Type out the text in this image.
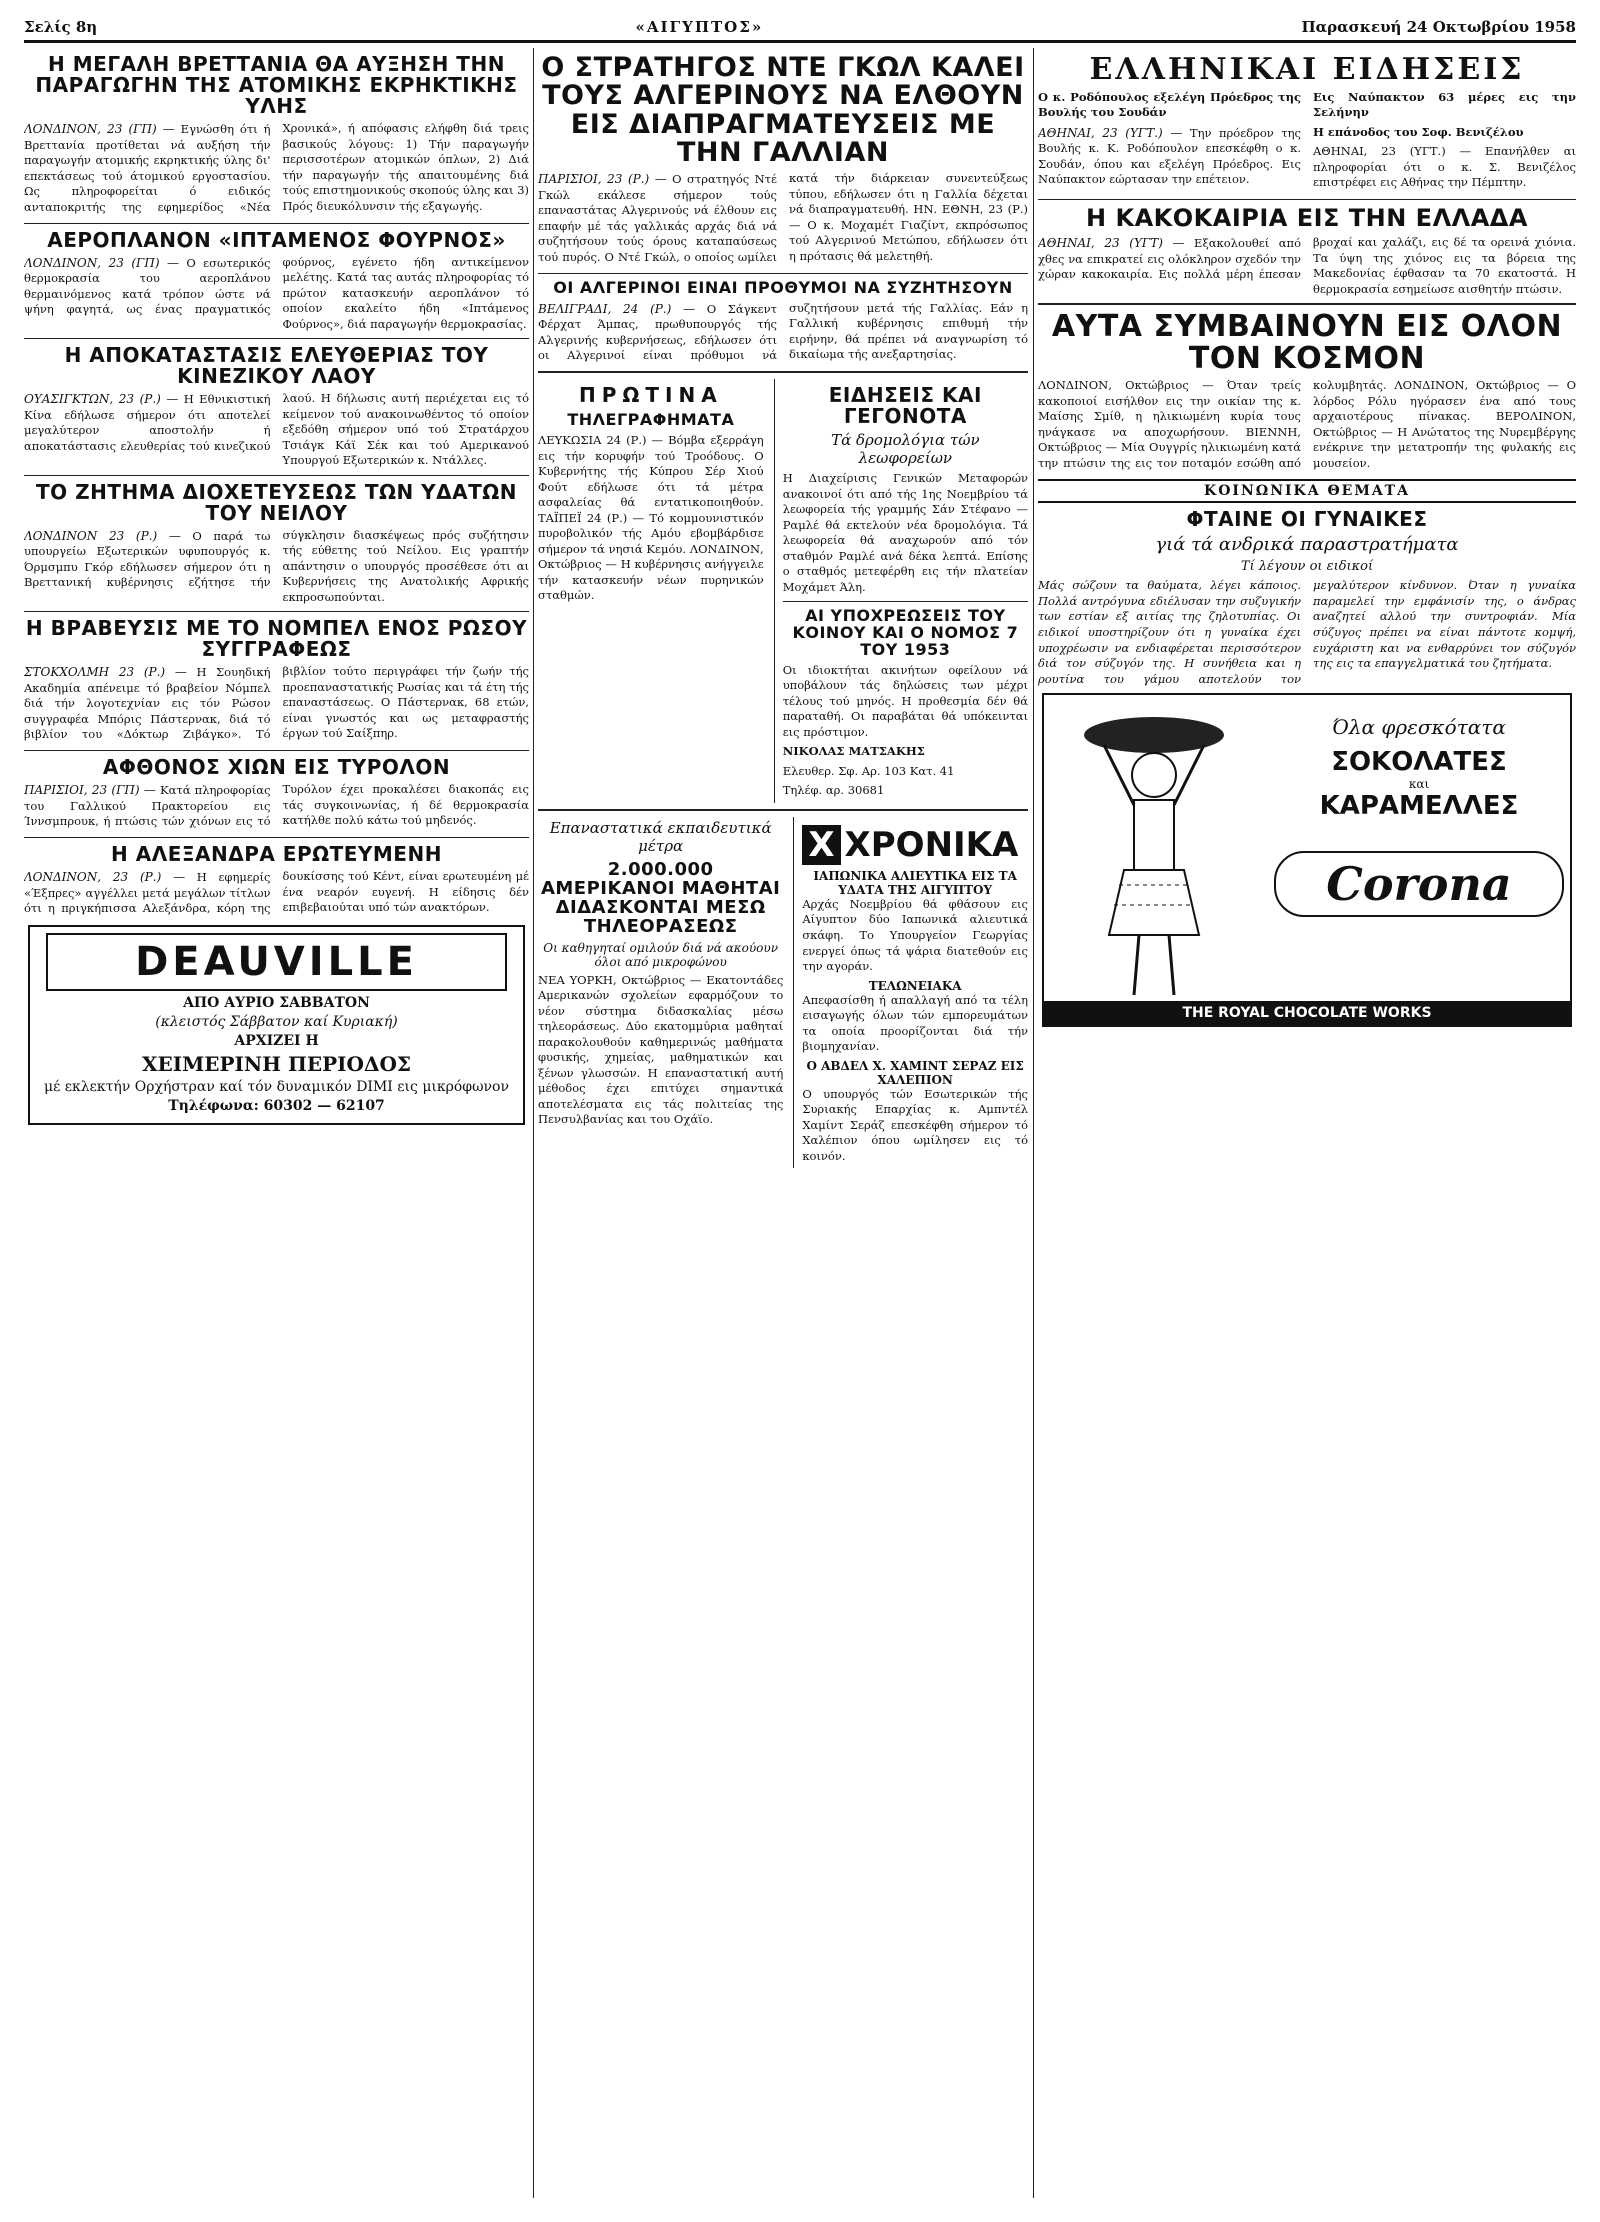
Σελίς 8η	«ΑΙΓΥΠΤΟΣ»	Παρασκευή 24 Οκτωβρίου 1958
Η ΜΕΓΑΛΗ ΒΡΕΤΤΑΝΙΑ ΘΑ ΑΥΞΗΣΗ ΤΗΝ ΠΑΡΑΓΩΓΗΝ ΤΗΣ ΑΤΟΜΙΚΗΣ ΕΚΡΗΚΤΙΚΗΣ ΥΛΗΣ

ΛΟΝΔΙΝΟΝ, 23 (ΓΠ) — Εγνώσθη ότι ή Βρεττανία προτίθεται νά αυξήση τήν παραγωγήν ατομικής εκρηκτικής ύλης δι' επεκτάσεως τού άτομικού εργοστασίου. Ως πληροφορείται ό ειδικός ανταποκριτής της εφημερίδος «Νέα Χρονικά», ή απόφασις ελήφθη διά τρεις βασικούς λόγους: 1) Τήν παραγωγήν περισσοτέρων ατομικών όπλων, 2) Διά τήν παραγωγήν τής απαιτουμένης διά τούς επιστημονικούς σκοπούς ύλης και 3) Πρός διευκόλυνσιν τής εξαγωγής.

ΑΕΡΟΠΛΑΝΟΝ «ΙΠΤΑΜΕΝΟΣ ΦΟΥΡΝΟΣ»

ΛΟΝΔΙΝΟΝ, 23 (ΓΠ) — Ο εσωτερικός θερμοκρασία του αεροπλάνου θερμαινόμενος κατά τρόπον ώστε νά ψήνη φαγητά, ως ένας πραγματικός φούρνος, εγένετο ήδη αντικείμενον μελέτης. Κατά τας αυτάς πληροφορίας τό πρώτον κατασκευήν αεροπλάνον τό οποίον εκαλείτο ήδη «Ιπτάμενος Φούρνος», διά παραγωγήν θερμοκρασίας.

Η ΑΠΟΚΑΤΑΣΤΑΣΙΣ ΕΛΕΥΘΕΡΙΑΣ ΤΟΥ ΚΙΝΕΖΙΚΟΥ ΛΑΟΥ

ΟΥΑΣΙΓΚΤΩΝ, 23 (Ρ.) — Η Εθνικιστική Κίνα εδήλωσε σήμερον ότι αποτελεί μεγαλύτερον αποστολήν ή αποκατάστασις ελευθερίας τού κινεζικού λαού. Η δήλωσις αυτή περιέχεται εις τό κείμενον τού ανακοινωθέντος τό οποίον εξεδόθη σήμερον υπό τού Στρατάρχου Τσιάγκ Κάϊ Σέκ και τού Αμερικανού Υπουργού Εξωτερικών κ. Ντάλλες.

ΤΟ ΖΗΤΗΜΑ ΔΙΟΧΕΤΕΥΣΕΩΣ ΤΩΝ ΥΔΑΤΩΝ ΤΟΥ ΝΕΙΛΟΥ

ΛΟΝΔΙΝΟΝ 23 (Ρ.) — Ο παρά τω υπουργείω Εξωτερικών υφυπουργός κ. Όρμσμπυ Γκόρ εδήλωσεν σήμερον ότι η Βρεττανική κυβέρνησις εζήτησε τήν σύγκλησιν διασκέψεως πρός συζήτησιν τής εύθετης τού Νείλου. Εις γραπτήν απάντησιν ο υπουργός προσέθεσε ότι αι Κυβερνήσεις της Ανατολικής Αφρικής εκπροσωπούνται.

Η ΒΡΑΒΕΥΣΙΣ ΜΕ ΤΟ ΝΟΜΠΕΛ ΕΝΟΣ ΡΩΣΟΥ ΣΥΓΓΡΑΦΕΩΣ

ΣΤΟΚΧΟΛΜΗ 23 (Ρ.) — Η Σουηδική Ακαδημία απένειμε τό βραβείον Νόμπελ διά τήν λογοτεχνίαν εις τόν Ρώσον συγγραφέα Μπόρις Πάστερνακ, διά τό βιβλίον του «Δόκτωρ Ζιβάγκο». Τό βιβλίον τούτο περιγράφει τήν ζωήν τής προεπαναστατικής Ρωσίας και τά έτη τής επαναστάσεως. Ο Πάστερνακ, 68 ετών, είναι γνωστός και ως μεταφραστής έργων τού Σαίξπηρ.

ΑΦΘΟΝΟΣ ΧΙΩΝ ΕΙΣ ΤΥΡΟΛΟΝ

ΠΑΡΙΣΙΟΙ, 23 (ΓΠ) — Κατά πληροφορίας του Γαλλικού Πρακτορείου εις Ίννσμπρουκ, ή πτώσις τών χιόνων εις τό Τυρόλον έχει προκαλέσει διακοπάς εις τάς συγκοινωνίας, ή δέ θερμοκρασία κατήλθε πολύ κάτω τού μηδενός.

Η ΑΛΕΞΑΝΔΡΑ ΕΡΩΤΕΥΜΕΝΗ

ΛΟΝΔΙΝΟΝ, 23 (Ρ.) — Η εφημερίς «Έξπρες» αγγέλλει μετά μεγάλων τίτλων ότι η πριγκήπισσα Αλεξάνδρα, κόρη της δουκίσσης τού Κέντ, είναι ερωτευμένη μέ ένα νεαρόν ευγενή. Η είδησις δέν επιβεβαιούται υπό τών ανακτόρων.

DEAUVILLE
ΑΠΟ ΑΥΡΙΟ ΣΑΒΒΑΤΟΝ
(κλειστός Σάββατον καί Κυριακή)
ΑΡΧΙΖΕΙ Η
ΧΕΙΜΕΡΙΝΗ ΠΕΡΙΟΔΟΣ
μέ εκλεκτήν Ορχήστραν καί τόν δυναμικόν DIMI εις μικρόφωνον
Τηλέφωνα: 60302 — 62107
Ο ΣΤΡΑΤΗΓΟΣ ΝΤΕ ΓΚΩΛ ΚΑΛΕΙ ΤΟΥΣ ΑΛΓΕΡΙΝΟΥΣ ΝΑ ΕΛΘΟΥΝ ΕΙΣ ΔΙΑΠΡΑΓΜΑΤΕΥΣΕΙΣ ΜΕ ΤΗΝ ΓΑΛΛΙΑΝ

ΠΑΡΙΣΙΟΙ, 23 (Ρ.) — Ο στρατηγός Ντέ Γκώλ εκάλεσε σήμερον τούς επαναστάτας Αλγερινούς νά έλθουν εις επαφήν μέ τάς γαλλικάς αρχάς διά νά συζητήσουν τούς όρους καταπαύσεως τού πυρός. Ο Ντέ Γκώλ, ο οποίος ωμίλει κατά τήν διάρκειαν συνεντεύξεως τύπου, εδήλωσεν ότι η Γαλλία δέχεται νά διαπραγματευθή. ΗΝ. ΕΘΝΗ, 23 (Ρ.) — Ο κ. Μοχαμέτ Γιαζίντ, εκπρόσωπος τού Αλγερινού Μετώπου, εδήλωσεν ότι η πρότασις θά μελετηθή.

ΟΙ ΑΛΓΕΡΙΝΟΙ ΕΙΝΑΙ ΠΡΟΘΥΜΟΙ ΝΑ ΣΥΖΗΤΗΣΟΥΝ

ΒΕΛΙΓΡΑΔΙ, 24 (Ρ.) — Ο Σάγκεντ Φέρχατ Άμπας, πρωθυπουργός τής Αλγερινής κυβερνήσεως, εδήλωσεν ότι οι Αλγερινοί είναι πρόθυμοι νά συζητήσουν μετά τής Γαλλίας. Εάν η Γαλλική κυβέρνησις επιθυμή τήν ειρήνην, θά πρέπει νά αναγνωρίση τό δικαίωμα τής ανεξαρτησίας.

ΠΡΩΤΙΝΑ
ΤΗΛΕΓΡΑΦΗΜΑΤΑ

ΛΕΥΚΩΣΙΑ 24 (Ρ.) — Βόμβα εξερράγη εις τήν κορυφήν τού Τροόδους. Ο Κυβερνήτης τής Κύπρου Σέρ Χιού Φούτ εδήλωσε ότι τά μέτρα ασφαλείας θά εντατικοποιηθούν. ΤΑΪΠΕΪ 24 (Ρ.) — Τό κομμουνιστικόν πυροβολικόν τής Αμόυ εβομβάρδισε σήμερον τά νησιά Κεμόυ. ΛΟΝΔΙΝΟΝ, Οκτώβριος — Η κυβέρνησις ανήγγειλε τήν κατασκευήν νέων πυρηνικών σταθμών.

ΕΙΔΗΣΕΙΣ ΚΑΙ ΓΕΓΟΝΟΤΑ
Τά δρομολόγια τών λεωφορείων

Η Διαχείρισις Γενικών Μεταφορών ανακοινοί ότι από τής 1ης Νοεμβρίου τά λεωφορεία τής γραμμής Σάν Στέφανο — Ραμλέ θά εκτελούν νέα δρομολόγια. Τά λεωφορεία θά αναχωρούν από τόν σταθμόν Ραμλέ ανά δέκα λεπτά. Επίσης ο σταθμός μετεφέρθη εις τήν πλατείαν Μοχάμετ Άλη.

ΑΙ ΥΠΟΧΡΕΩΣΕΙΣ ΤΟΥ ΚΟΙΝΟΥ ΚΑΙ Ο ΝΟΜΟΣ 7 ΤΟΥ 1953

Οι ιδιοκτήται ακινήτων οφείλουν νά υποβάλουν τάς δηλώσεις των μέχρι τέλους τού μηνός. Η προθεσμία δέν θά παραταθή. Οι παραβάται θά υπόκεινται εις πρόστιμον.

ΝΙΚΟΛΑΣ ΜΑΤΣΑΚΗΣ

Ελευθερ. Σφ. Αρ. 103 Κατ. 41

Τηλέφ. αρ. 30681

Επαναστατικά εκπαιδευτικά μέτρα
2.000.000 ΑΜΕΡΙΚΑΝΟΙ ΜΑΘΗΤΑΙ ΔΙΔΑΣΚΟΝΤΑΙ ΜΕΣΩ ΤΗΛΕΟΡΑΣΕΩΣ
Οι καθηγηταί ομιλούν διά νά ακούουν όλοι από μικροφώνου

ΝΕΑ ΥΟΡΚΗ, Οκτώβριος — Εκατοντάδες Αμερικανών σχολείων εφαρμόζουν το νέον σύστημα διδασκαλίας μέσω τηλεοράσεως. Δύο εκατομμύρια μαθηταί παρακολουθούν καθημερινώς μαθήματα φυσικής, χημείας, μαθηματικών και ξένων γλωσσών. Η επαναστατική αυτή μέθοδος έχει επιτύχει σημαντικά αποτελέσματα εις τάς πολιτείας της Πενσυλβανίας και του Οχάϊο.

Χ ΧΡΟΝΙΚΑ
ΙΑΠΩΝΙΚΑ ΑΛΙΕΥΤΙΚΑ ΕΙΣ ΤΑ ΥΔΑΤΑ ΤΗΣ ΑΙΓΥΠΤΟΥ

Αρχάς Νοεμβρίου θά φθάσουν εις Αίγυπτον δύο Ιαπωνικά αλιευτικά σκάφη. Το Υπουργείον Γεωργίας ενεργεί όπως τά ψάρια διατεθούν εις την αγοράν.

ΤΕΛΩΝΕΙΑΚΑ

Απεφασίσθη ή απαλλαγή από τα τέλη εισαγωγής όλων τών εμπορευμάτων τα οποία προορίζονται διά τήν βιομηχανίαν.

Ο ΑΒΔΕΛ Χ. ΧΑΜΙΝΤ ΣΕΡΑΖ ΕΙΣ ΧΑΛΕΠΙΟΝ

Ο υπουργός τών Εσωτερικών τής Συριακής Επαρχίας κ. Αμπντέλ Χαμίντ Σεράζ επεσκέφθη σήμερον τό Χαλέπιον όπου ωμίλησεν εις τό κοινόν.

ΕΛΛΗΝΙΚΑΙ ΕΙΔΗΣΕΙΣ

Ο κ. Ροδόπουλος εξελέγη Πρόεδρος της Βουλής του Σουδάν

ΑΘΗΝΑΙ, 23 (ΥΓΤ.) — Την πρόεδρον της Βουλής κ. Κ. Ροδόπουλον επεσκέφθη ο κ. Σουδάν, όπου και εξελέγη Πρόεδρος. Εις Ναύπακτον εώρτασαν την επέτειον.

Εις Ναύπακτον 63 μέρες εις την Σελήνην

Η επάνοδος του Σοφ. Βενιζέλου

ΑΘΗΝΑΙ, 23 (ΥΓΤ.) — Επανήλθεν αι πληροφορίαι ότι ο κ. Σ. Βενιζέλος επιστρέφει εις Αθήνας την Πέμπτην.

Η ΚΑΚΟΚΑΙΡΙΑ ΕΙΣ ΤΗΝ ΕΛΛΑΔΑ

ΑΘΗΝΑΙ, 23 (ΥΓΤ) — Εξακολουθεί από χθες να επικρατεί εις ολόκληρον σχεδόν την χώραν κακοκαιρία. Εις πολλά μέρη έπεσαν βροχαί και χαλάζι, εις δέ τα ορεινά χιόνια. Τα ύψη της χιόνος εις τα βόρεια της Μακεδονίας έφθασαν τα 70 εκατοστά. Η θερμοκρασία εσημείωσε αισθητήν πτώσιν.

ΑΥΤΑ ΣΥΜΒΑΙΝΟΥΝ ΕΙΣ ΟΛΟΝ ΤΟΝ ΚΟΣΜΟΝ

ΛΟΝΔΙΝΟΝ, Οκτώβριος — Όταν τρείς κακοποιοί εισήλθον εις την οικίαν της κ. Μαίσης Σμίθ, η ηλικιωμένη κυρία τους ηνάγκασε να αποχωρήσουν. ΒΙΕΝΝΗ, Οκτώβριος — Μία Ουγγρίς ηλικιωμένη κατά την πτώσιν της εις τον ποταμόν εσώθη από κολυμβητάς. ΛΟΝΔΙΝΟΝ, Οκτώβριος — Ο λόρδος Ρόλυ ηγόρασεν ένα από τους αρχαιοτέρους πίνακας. ΒΕΡΟΛΙΝΟΝ, Οκτώβριος — Η Ανώτατος της Νυρεμβέργης ενέκρινε την μετατροπήν της φυλακής εις μουσείον.

ΚΟΙΝΩΝΙΚΑ ΘΕΜΑΤΑ
ΦΤΑΙΝΕ ΟΙ ΓΥΝΑΙΚΕΣ
γιά τά ανδρικά παραστρατήματα
Τί λέγουν οι ειδικοί

Μάς σώζουν τα θαύματα, λέγει κάποιος. Πολλά αντρόγυνα εδιέλυσαν την συζυγικήν των εστίαν εξ αιτίας της ζηλοτυπίας. Οι ειδικοί υποστηρίζουν ότι η γυναίκα έχει υποχρέωσιν να ενδιαφέρεται περισσότερον διά τον σύζυγόν της. Η συνήθεια και η ρουτίνα του γάμου αποτελούν τον μεγαλύτερον κίνδυνον. Όταν η γυναίκα παραμελεί την εμφάνισίν της, ο άνδρας αναζητεί αλλού την συντροφιάν. Μία σύζυγος πρέπει να είναι πάντοτε κομψή, ευχάριστη και να ενθαρρύνει τον σύζυγόν της εις τα επαγγελματικά του ζητήματα.

Όλα φρεσκότατα
ΣΟΚΟΛΑΤΕΣ
και
ΚΑΡΑΜΕΛΛΕΣ
Corona
THE ROYAL CHOCOLATE WORKS
